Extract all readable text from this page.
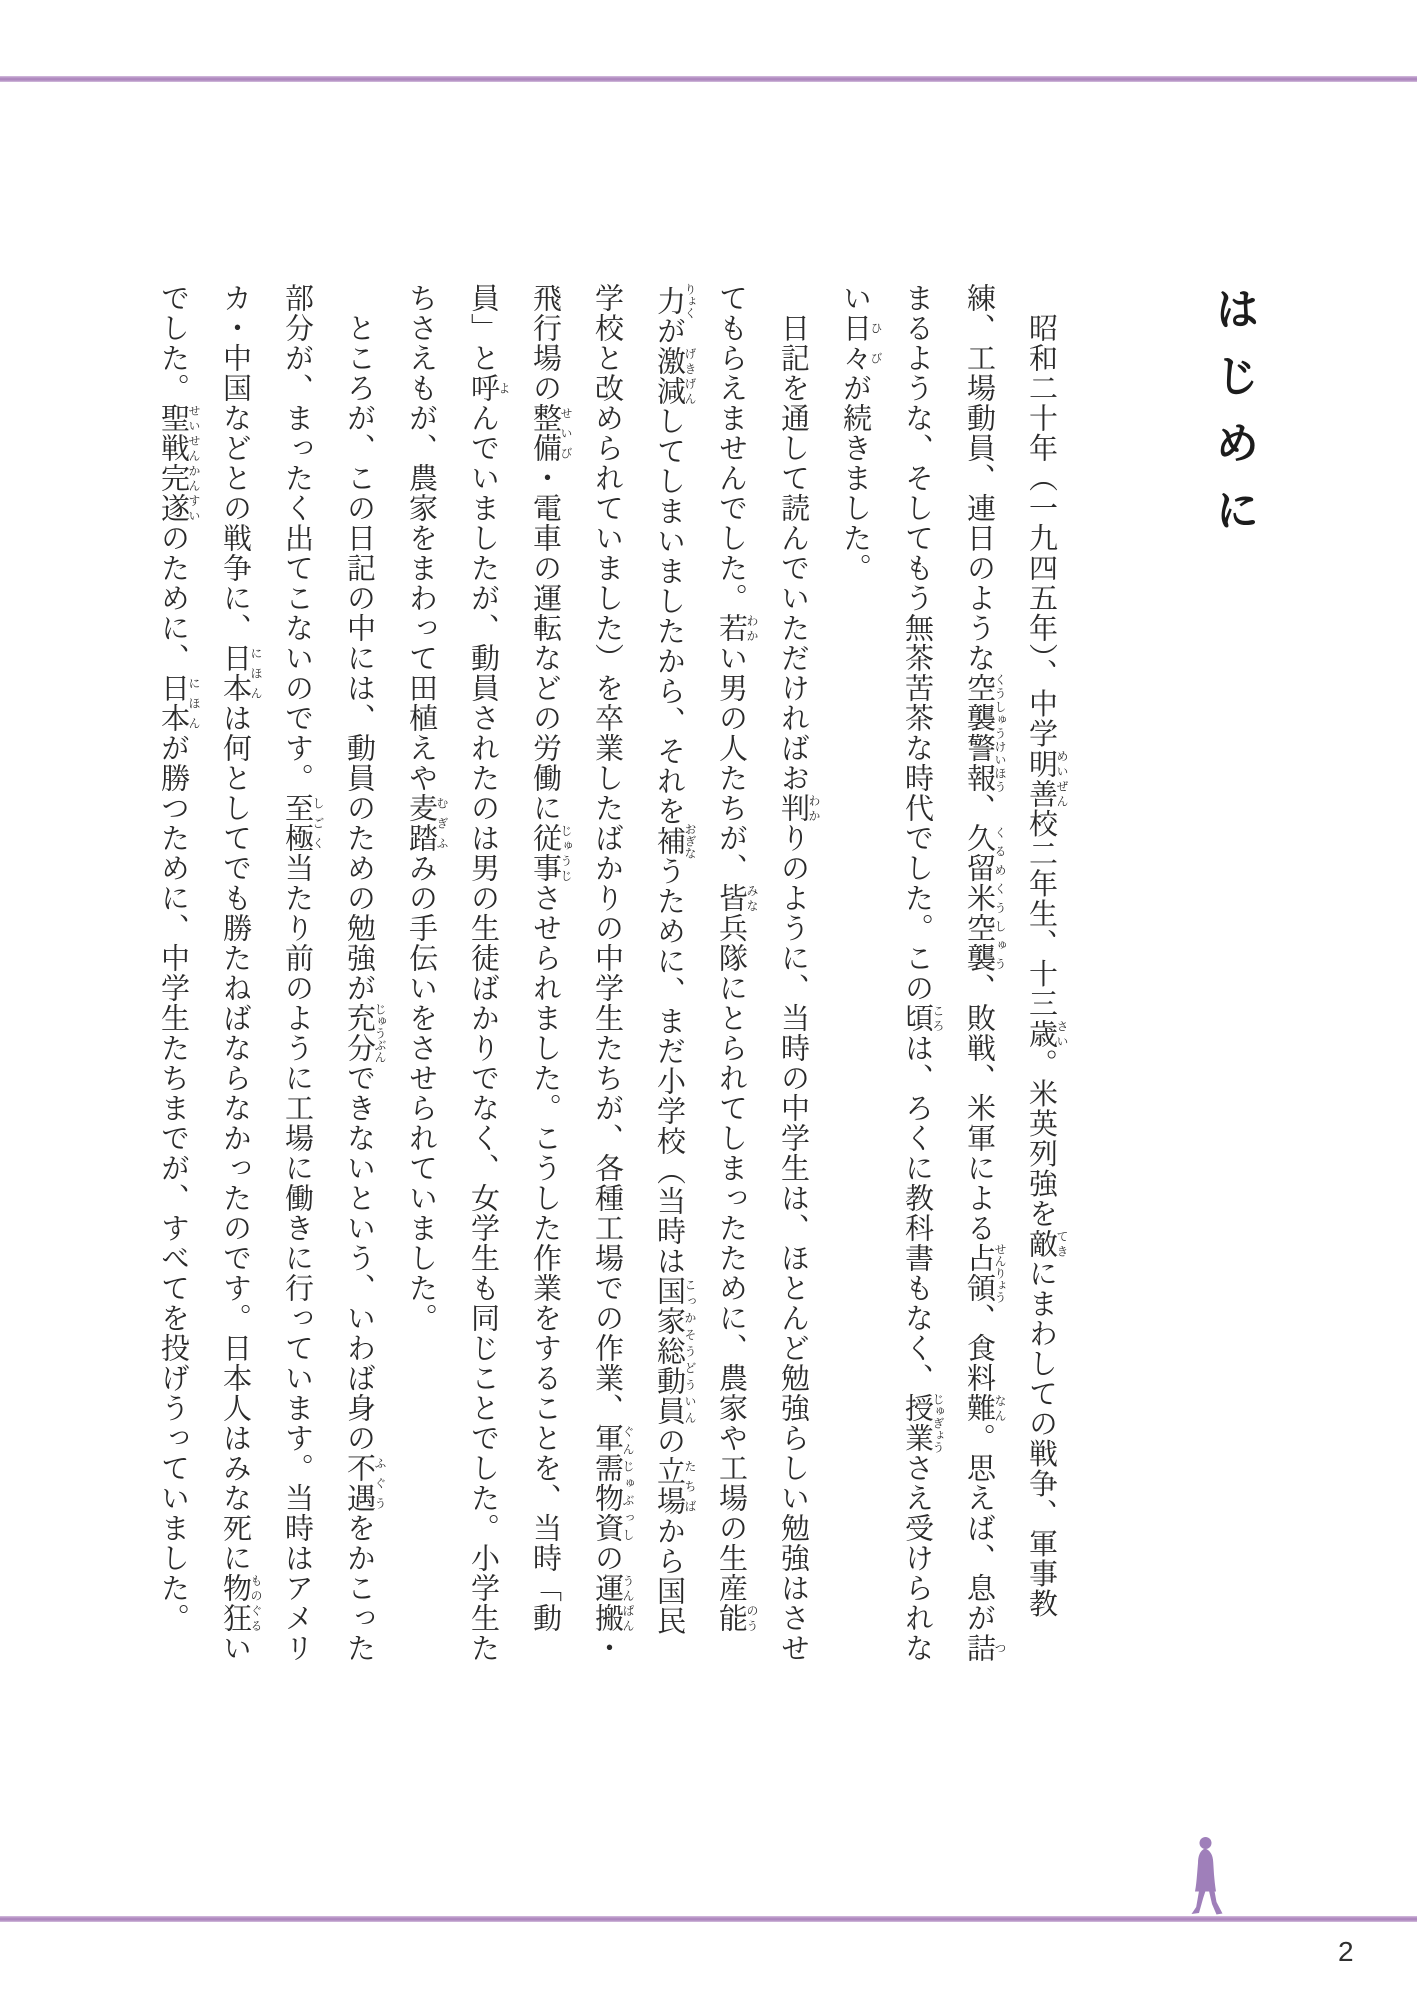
はじめに

昭和二十年（一九四五年）、中学明善めいぜん校二年生、十三歳さい。米英列強を敵てきにまわしての戦争、軍事教練、工場動員、連日のような空襲警報くうしゅうけいほう、久留米空襲くるめくうしゅう、敗戦、米軍による占領せんりょう、食料難なん。思えば、息が詰つまるような、そしてもう無茶苦茶な時代でした。この頃ころは、ろくに教科書もなく、授業じゅぎょうさえ受けられない日々ひびが続きました。

日記を通して読んでいただければお判わかりのように、当時の中学生は、ほとんど勉強らしい勉強はさせてもらえませんでした。若わかい男の人たちが、皆みな兵隊にとられてしまったために、農家や工場の生産能のう力りょくが激減げきげんしてしまいましたから、それを補おぎなうために、まだ小学校（当時は国家総動員こっかそうどういんの立場たちばから国民学校と改められていました）を卒業したばかりの中学生たちが、各種工場での作業、軍需物資ぐんじゅぶっしの運搬うんぱん・飛行場の整備せいび・電車の運転などの労働に従事じゅうじさせられました。こうした作業をすることを、当時「動員」と呼よんでいましたが、動員されたのは男の生徒ばかりでなく、女学生も同じことでした。小学生たちさえもが、農家をまわって田植えや麦踏むぎふみの手伝いをさせられていました。

ところが、この日記の中には、動員のための勉強が充分じゅうぶんできないという、いわば身の不遇ふぐうをかこった部分が、まったく出てこないのです。至極しごく当たり前のように工場に働きに行っています。当時はアメリカ・中国などとの戦争に、日本にほんは何としてでも勝たねばならなかったのです。日本人はみな死に物狂ものぐるいでした。聖戦完遂せいせんかんすいのために、日本にほんが勝つために、中学生たちまでが、すべてを投げうっていました。

2
